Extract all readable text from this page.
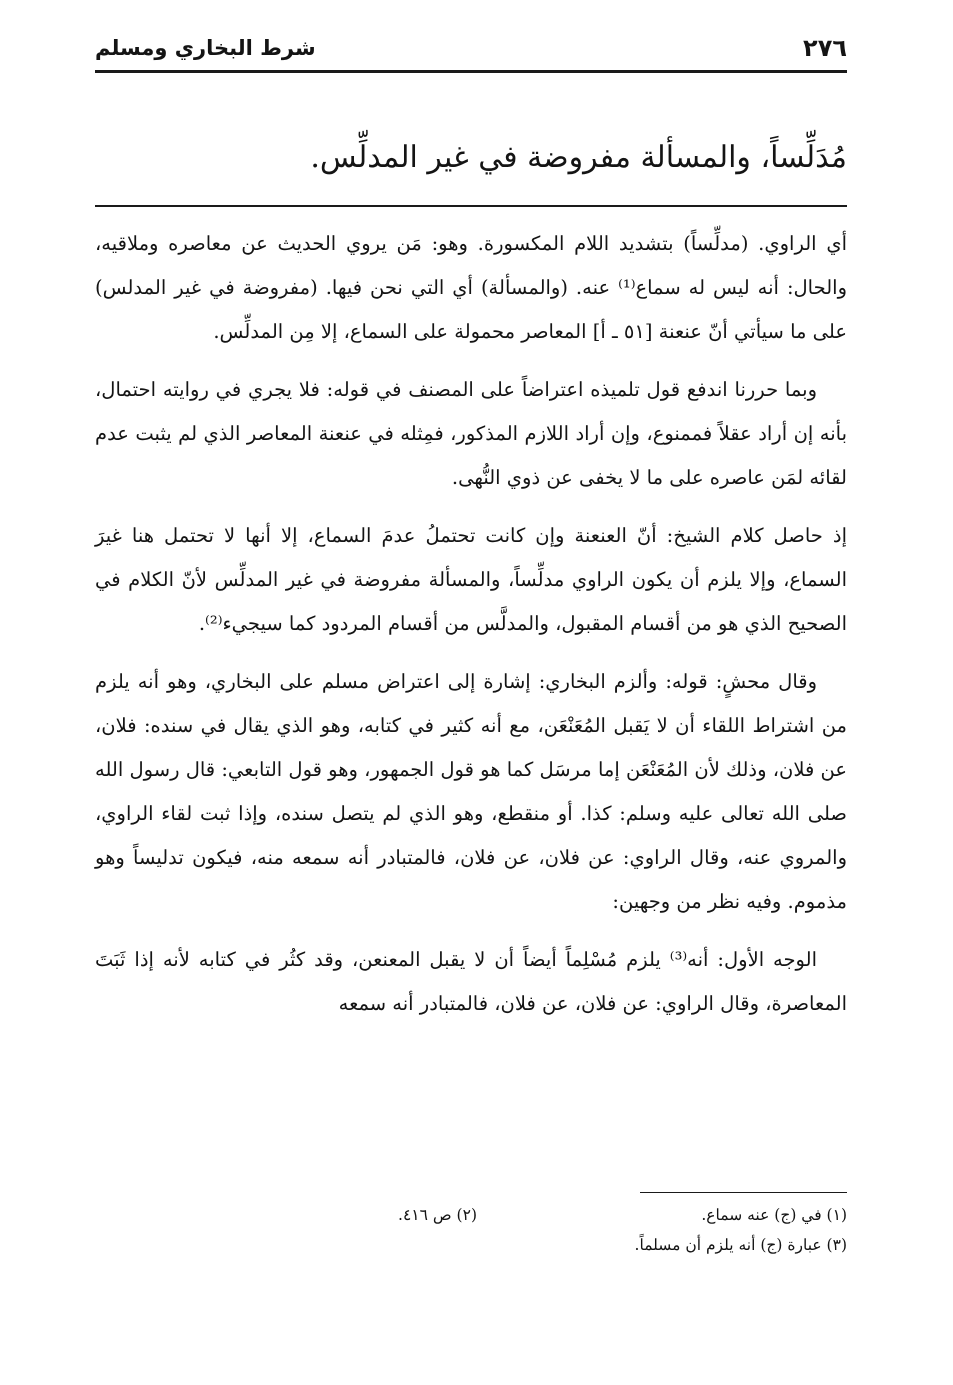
شرط البخاري ومسلم	٢٧٦
مُدَلِّساً، والمسألة مفروضة في غير المدلِّس.

أي الراوي. (مدلِّساً) بتشديد اللام المكسورة. وهو: مَن يروي الحديث عن معاصره وملاقيه، والحال: أنه ليس له سماع⁽¹⁾ عنه. (والمسألة) أي التي نحن فيها. (مفروضة في غير المدلس) على ما سيأتي أنّ عنعنة [٥١ ـ أ] المعاصر محمولة على السماع، إلا مِن المدلِّس.

وبما حررنا اندفع قول تلميذه اعتراضاً على المصنف في قوله: فلا يجري في روايته احتمال، بأنه إن أراد عقلاً فممنوع، وإن أراد اللازم المذكور، فمِثله في عنعنة المعاصر الذي لم يثبت عدم لقائه لمَن عاصره على ما لا يخفى عن ذوي النُّهى.

إذ حاصل كلام الشيخ: أنّ العنعنة وإن كانت تحتملُ عدمَ السماع، إلا أنها لا تحتمل هنا غيرَ السماع، وإلا يلزم أن يكون الراوي مدلِّساً، والمسألة مفروضة في غير المدلِّس لأنّ الكلام في الصحيح الذي هو من أقسام المقبول، والمدلَّس من أقسام المردود كما سيجيء⁽²⁾.

وقال محشٍ: قوله: وألزم البخاري: إشارة إلى اعتراض مسلم على البخاري، وهو أنه يلزم من اشتراط اللقاء أن لا يَقبل المُعَنْعَن، مع أنه كثير في كتابه، وهو الذي يقال في سنده: فلان، عن فلان، وذلك لأن المُعَنْعَن إما مرسَل كما هو قول الجمهور، وهو قول التابعي: قال رسول الله صلى الله تعالى عليه وسلم: كذا. أو منقطع، وهو الذي لم يتصل سنده، وإذا ثبت لقاء الراوي، والمروي عنه، وقال الراوي: عن فلان، عن فلان، فالمتبادر أنه سمعه منه، فيكون تدليساً وهو مذموم. وفيه نظر من وجهين:

الوجه الأول: أنه⁽³⁾ يلزم مُسْلِماً أيضاً أن لا يقبل المعنعن، وقد كثُر في كتابه لأنه إذا ثَبَتَ المعاصرة، وقال الراوي: عن فلان، عن فلان، فالمتبادر أنه سمعه

(١) في (ج) عنه سماع.
(٢) ص ٤١٦.
(٣) عبارة (ج) أنه يلزم أن مسلماً.
